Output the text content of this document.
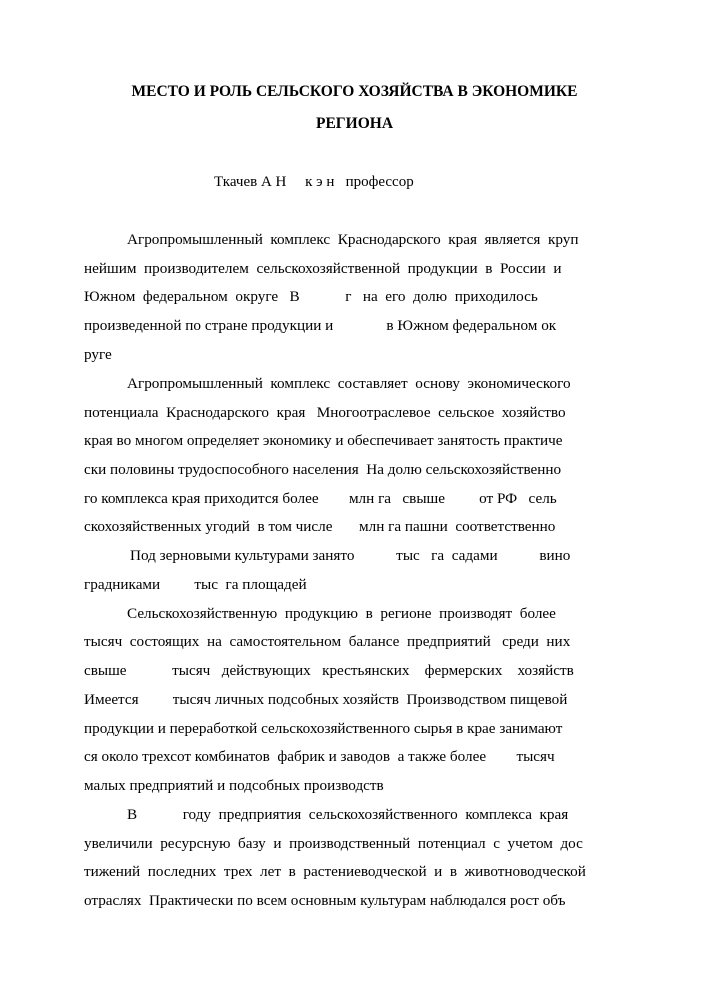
МЕСТО И РОЛЬ СЕЛЬСКОГО ХОЗЯЙСТВА В ЭКОНОМИКЕ
РЕГИОНА
Ткачев А Н     к э н   профессор
Агропромышленный  комплекс  Краснодарского  края  является  круп
нейшим  производителем  сельскохозяйственной  продукции  в  России  и
Южном  федеральном  округе   В            г   на  его  долю  приходилось
произведенной по стране продукции и              в Южном федеральном ок
руге
Агропромышленный  комплекс  составляет  основу  экономического
потенциала  Краснодарского  края   Многоотраслевое  сельское  хозяйство
края во многом определяет экономику и обеспечивает занятость практиче
ски половины трудоспособного населения  На долю сельскохозяйственно
го комплекса края приходится более        млн га   свыше         от РФ   сель
скохозяйственных угодий  в том числе       млн га пашни  соответственно
Под зерновыми культурами занято           тыс   га  садами           вино
градниками         тыс  га площадей
Сельскохозяйственную  продукцию  в  регионе  производят  более
тысяч  состоящих  на  самостоятельном  балансе  предприятий   среди  них
свыше            тысяч   действующих   крестьянских    фермерских    хозяйств
Имеется         тысяч личных подсобных хозяйств  Производством пищевой
продукции и переработкой сельскохозяйственного сырья в крае занимают
ся около трехсот комбинатов  фабрик и заводов  а также более        тысяч
малых предприятий и подсобных производств
В            году  предприятия  сельскохозяйственного  комплекса  края
увеличили  ресурсную  базу  и  производственный  потенциал  с  учетом  дос
тижений  последних  трех  лет  в  растениеводческой  и  в  животноводческой
отраслях  Практически по всем основным культурам наблюдался рост объ
